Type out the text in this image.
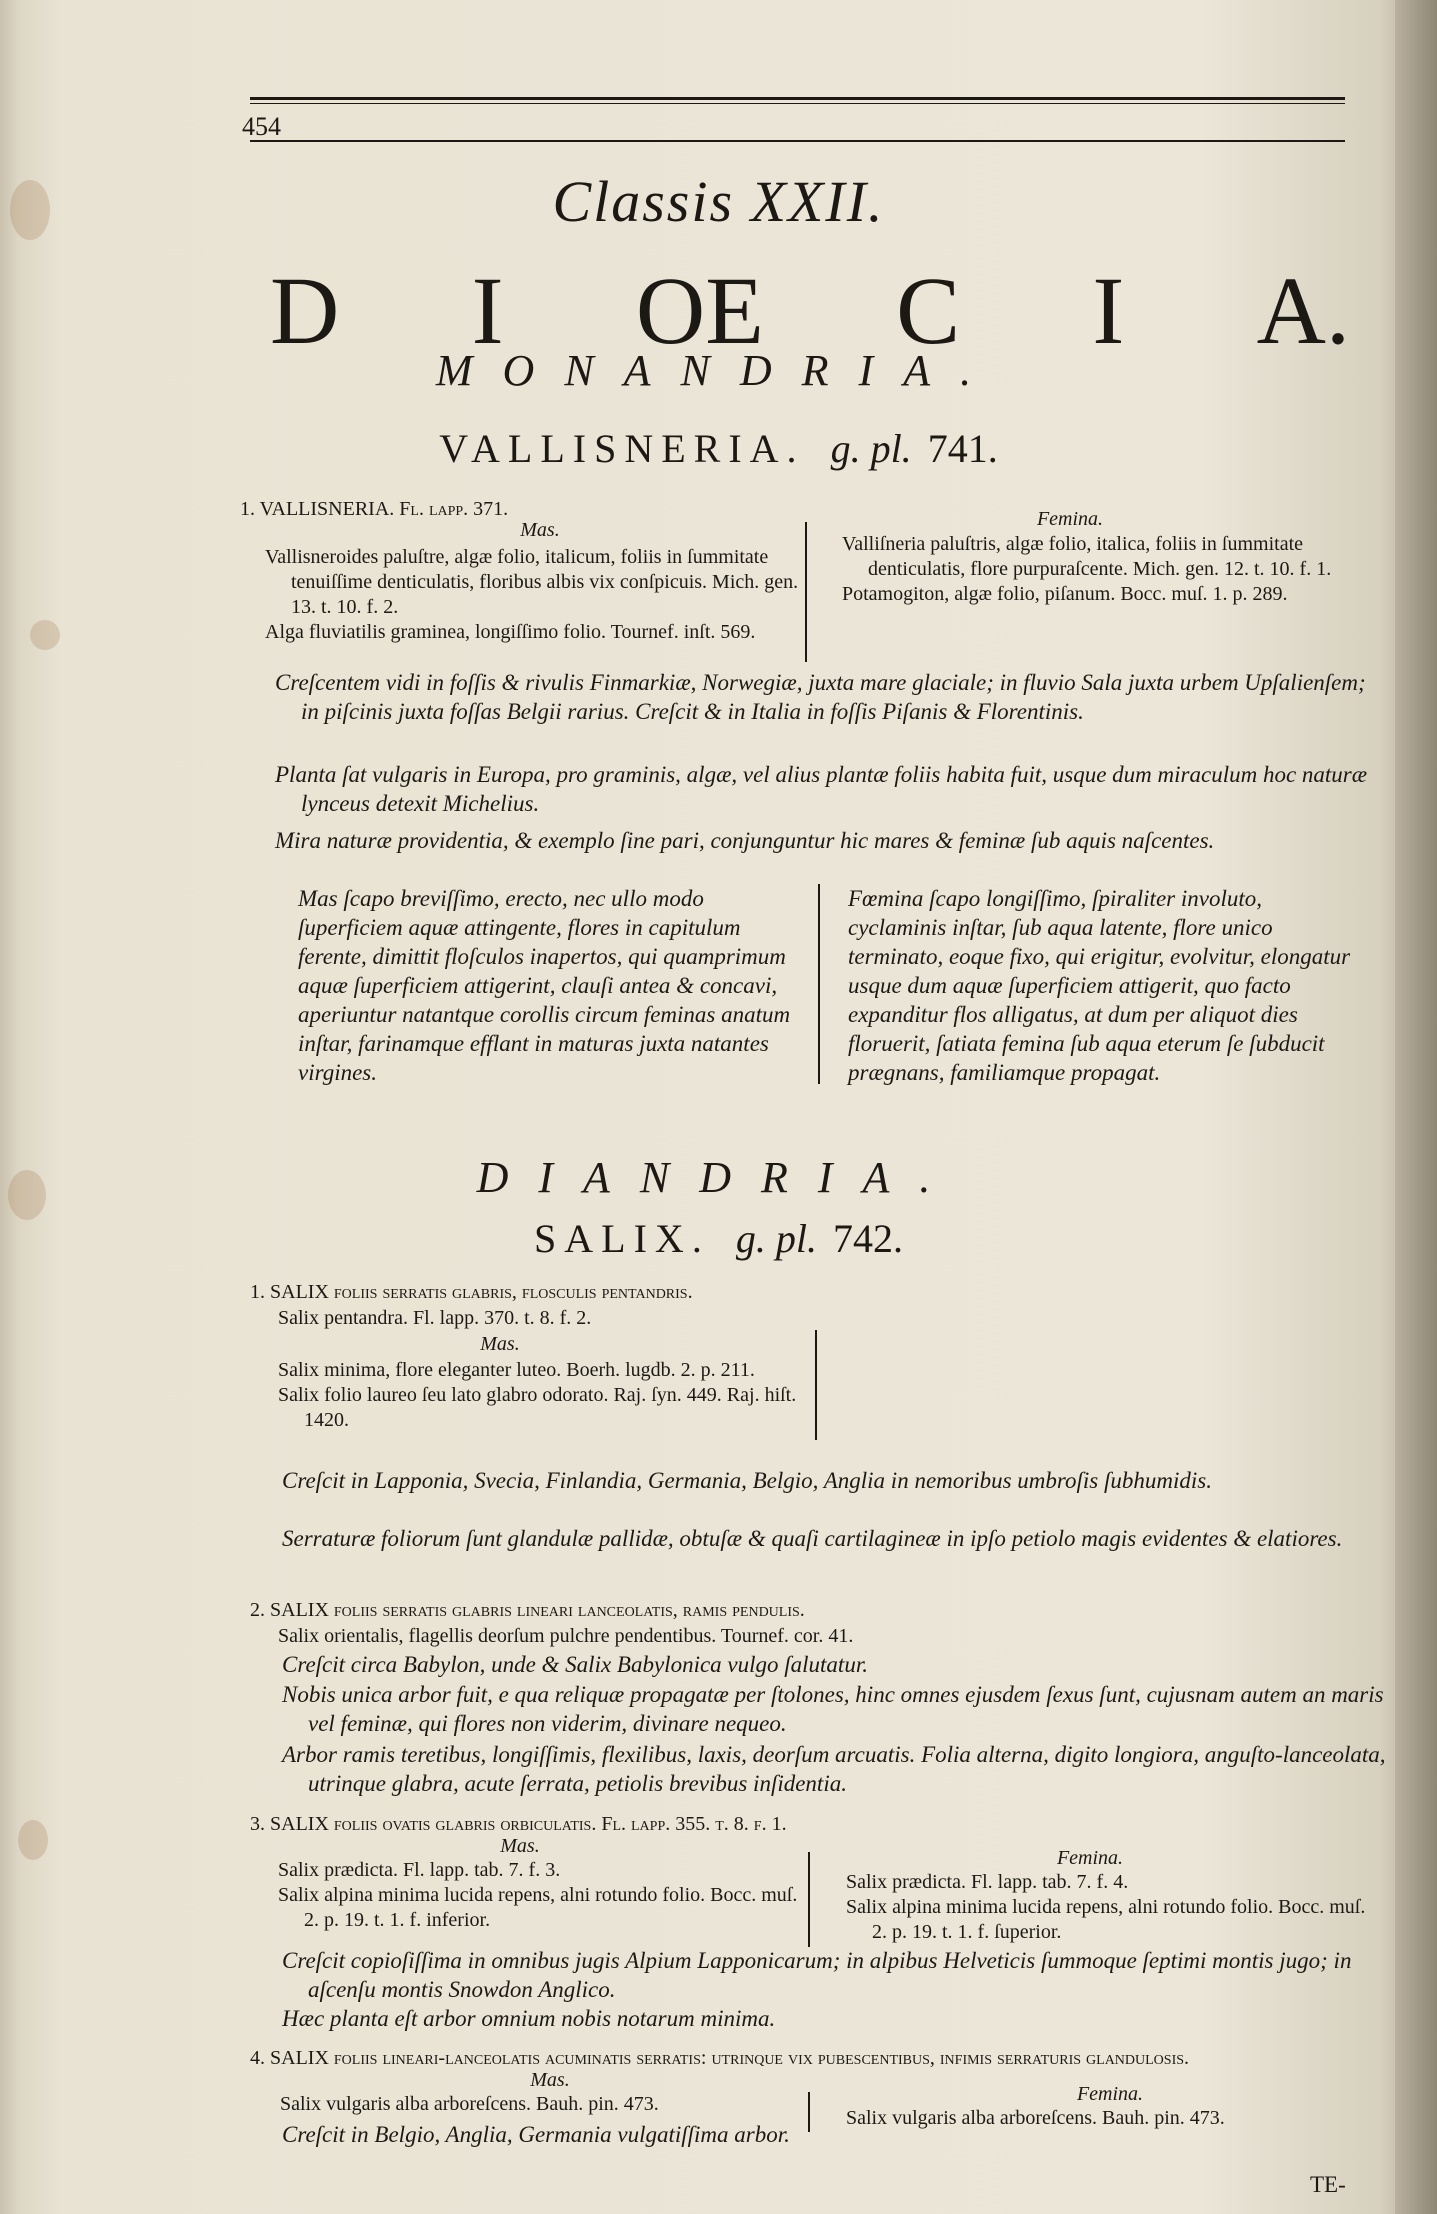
454
Classis XXII.
D I OE C I A.
MONANDRIA.
VALLISNERIA. g. pl. 741.
1. VALLISNERIA. Fl. lapp. 371.
Mas.

Vallisneroides paluſtre, algæ folio, italicum, foliis in ſummitate tenuiſſime denticulatis, floribus albis vix conſpicuis. Mich. gen. 13. t. 10. f. 2.

Alga fluviatilis graminea, longiſſimo folio. Tournef. inſt. 569.

Femina.

Valliſneria paluſtris, algæ folio, italica, foliis in ſummitate denticulatis, flore purpuraſcente. Mich. gen. 12. t. 10. f. 1.

Potamogiton, algæ folio, piſanum. Bocc. muſ. 1. p. 289.

Creſcentem vidi in foſſis & rivulis Finmarkiæ, Norwegiæ, juxta mare glaciale; in fluvio Sala juxta urbem Upſalienſem; in piſcinis juxta foſſas Belgii rarius. Creſcit & in Italia in foſſis Piſanis & Florentinis.
Planta ſat vulgaris in Europa, pro graminis, algæ, vel alius plantæ foliis habita fuit, usque dum miraculum hoc naturæ lynceus detexit Michelius.
Mira naturæ providentia, & exemplo ſine pari, conjunguntur hic mares & feminæ ſub aquis naſcentes.
Mas ſcapo breviſſimo, erecto, nec ullo modo ſuperficiem aquæ attingente, flores in capitulum ferente, dimittit floſculos inapertos, qui quamprimum aquæ ſuperficiem attigerint, clauſi antea & concavi, aperiuntur natantque corollis circum feminas anatum inſtar, farinamque efflant in maturas juxta natantes virgines.
Fœmina ſcapo longiſſimo, ſpiraliter involuto, cyclaminis inſtar, ſub aqua latente, flore unico terminato, eoque fixo, qui erigitur, evolvitur, elongatur usque dum aquæ ſuperficiem attigerit, quo facto expanditur flos alligatus, at dum per aliquot dies floruerit, ſatiata femina ſub aqua eterum ſe ſubducit prægnans, familiamque propagat.
DIANDRIA.
SALIX. g. pl. 742.
1. SALIX foliis ſerratis glabris, floſculis pentandris.
Salix pentandra. Fl. lapp. 370. t. 8. f. 2.
Mas.

Salix minima, flore eleganter luteo. Boerh. lugdb. 2. p. 211.

Salix folio laureo ſeu lato glabro odorato. Raj. ſyn. 449. Raj. hiſt. 1420.

Creſcit in Lapponia, Svecia, Finlandia, Germania, Belgio, Anglia in nemoribus umbroſis ſubhumidis.
Serraturæ foliorum ſunt glandulæ pallidæ, obtuſæ & quaſi cartilagineæ in ipſo petiolo magis evidentes & elatiores.
2. SALIX foliis ſerratis glabris lineari lanceolatis, ramis pendulis.
Salix orientalis, flagellis deorſum pulchre pendentibus. Tournef. cor. 41.
Creſcit circa Babylon, unde & Salix Babylonica vulgo ſalutatur.
Nobis unica arbor fuit, e qua reliquæ propagatæ per ſtolones, hinc omnes ejusdem ſexus ſunt, cujusnam autem an maris vel feminæ, qui flores non viderim, divinare nequeo.
Arbor ramis teretibus, longiſſimis, flexilibus, laxis, deorſum arcuatis. Folia alterna, digito longiora, anguſto-lanceolata, utrinque glabra, acute ſerrata, petiolis brevibus inſidentia.
3. SALIX foliis ovatis glabris orbiculatis. Fl. lapp. 355. t. 8. f. 1.
Mas.

Salix prædicta. Fl. lapp. tab. 7. f. 3.

Salix alpina minima lucida repens, alni rotundo folio. Bocc. muſ. 2. p. 19. t. 1. f. inferior.

Femina.

Salix prædicta. Fl. lapp. tab. 7. f. 4.

Salix alpina minima lucida repens, alni rotundo folio. Bocc. muſ. 2. p. 19. t. 1. f. ſuperior.

Creſcit copioſiſſima in omnibus jugis Alpium Lapponicarum; in alpibus Helveticis ſummoque ſeptimi montis jugo; in aſcenſu montis Snowdon Anglico.
Hæc planta eſt arbor omnium nobis notarum minima.
4. SALIX foliis lineari-lanceolatis acuminatis ſerratis: utrinque vix pubeſcentibus, infimis ſerraturis glanduloſis.
Mas.
Salix vulgaris alba arboreſcens. Bauh. pin. 473.	Femina.
Salix vulgaris alba arboreſcens. Bauh. pin. 473.
Creſcit in Belgio, Anglia, Germania vulgatiſſima arbor.
TE-
